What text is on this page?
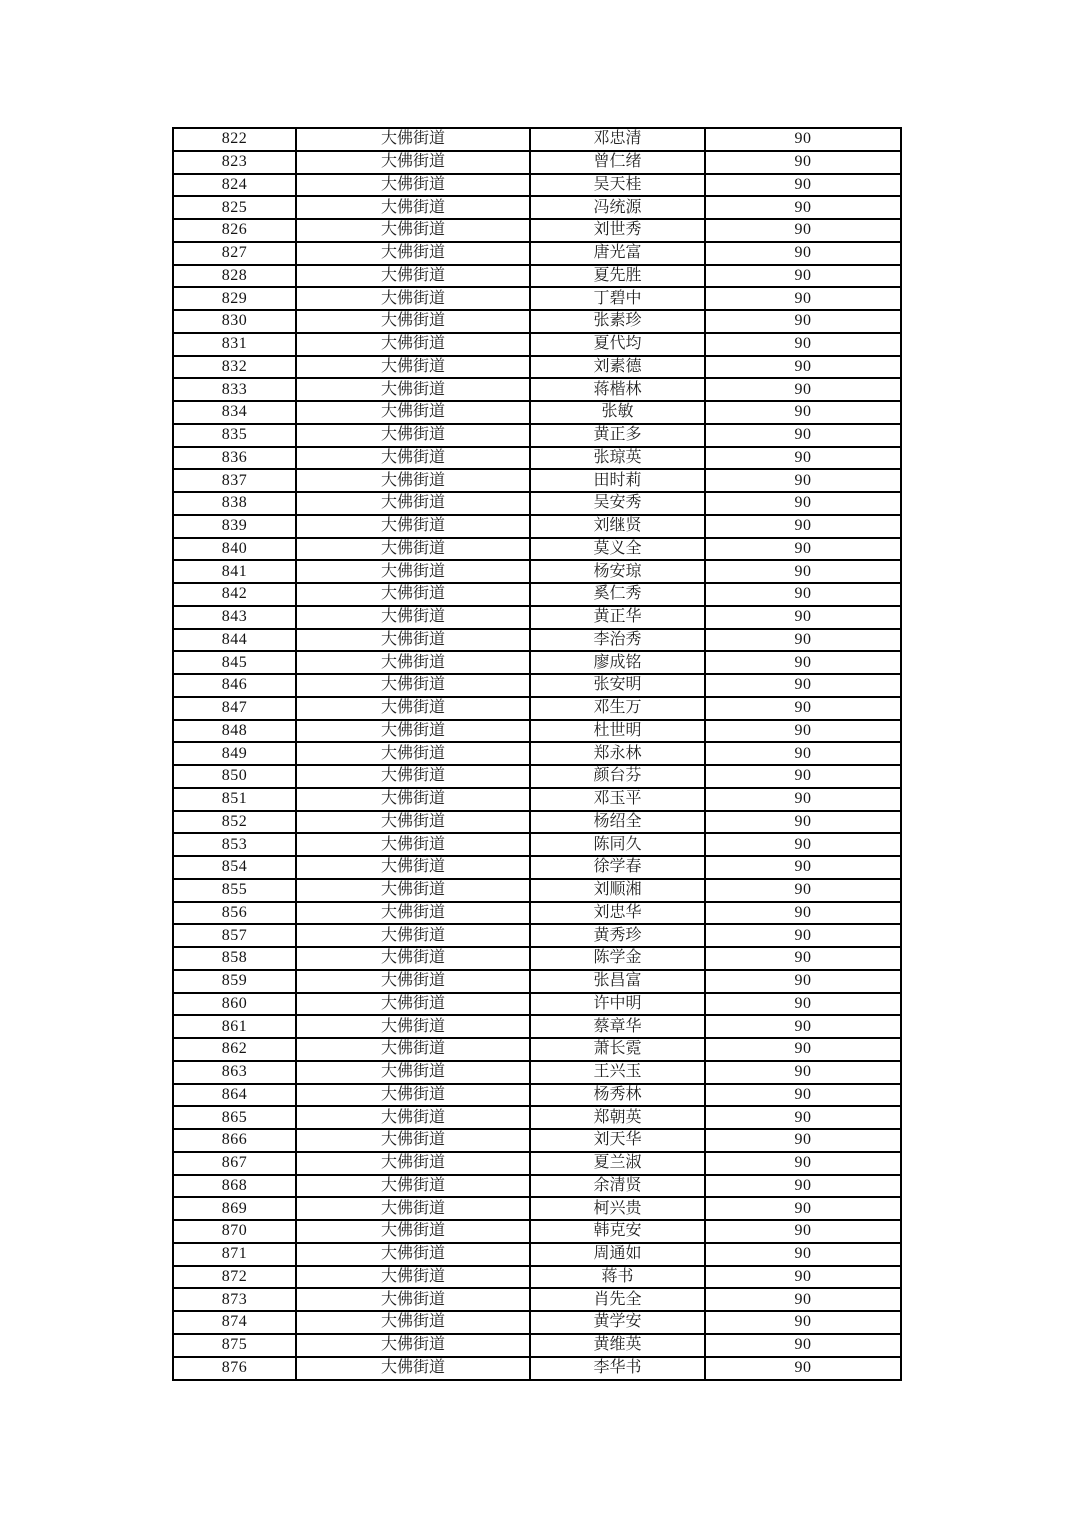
822	大佛街道	邓忠清	90
823	大佛街道	曾仁绪	90
824	大佛街道	吴天桂	90
825	大佛街道	冯统源	90
826	大佛街道	刘世秀	90
827	大佛街道	唐光富	90
828	大佛街道	夏先胜	90
829	大佛街道	丁碧中	90
830	大佛街道	张素珍	90
831	大佛街道	夏代均	90
832	大佛街道	刘素德	90
833	大佛街道	蒋楷林	90
834	大佛街道	张敏	90
835	大佛街道	黄正多	90
836	大佛街道	张琼英	90
837	大佛街道	田时莉	90
838	大佛街道	吴安秀	90
839	大佛街道	刘继贤	90
840	大佛街道	莫义全	90
841	大佛街道	杨安琼	90
842	大佛街道	奚仁秀	90
843	大佛街道	黄正华	90
844	大佛街道	李治秀	90
845	大佛街道	廖成铭	90
846	大佛街道	张安明	90
847	大佛街道	邓生万	90
848	大佛街道	杜世明	90
849	大佛街道	郑永林	90
850	大佛街道	颜台芬	90
851	大佛街道	邓玉平	90
852	大佛街道	杨绍全	90
853	大佛街道	陈同久	90
854	大佛街道	徐学春	90
855	大佛街道	刘顺湘	90
856	大佛街道	刘忠华	90
857	大佛街道	黄秀珍	90
858	大佛街道	陈学金	90
859	大佛街道	张昌富	90
860	大佛街道	许中明	90
861	大佛街道	蔡章华	90
862	大佛街道	萧长霓	90
863	大佛街道	王兴玉	90
864	大佛街道	杨秀林	90
865	大佛街道	郑朝英	90
866	大佛街道	刘天华	90
867	大佛街道	夏兰淑	90
868	大佛街道	余清贤	90
869	大佛街道	柯兴贵	90
870	大佛街道	韩克安	90
871	大佛街道	周通如	90
872	大佛街道	蒋书	90
873	大佛街道	肖先全	90
874	大佛街道	黄学安	90
875	大佛街道	黄维英	90
876	大佛街道	李华书	90
